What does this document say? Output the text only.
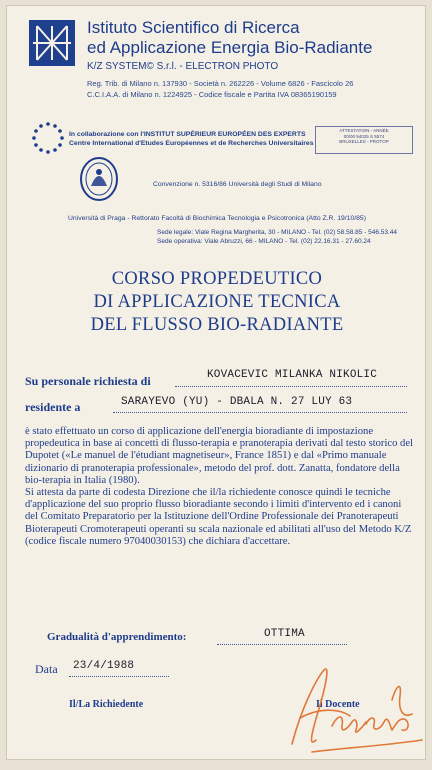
Istituto Scientifico di Ricerca
ed Applicazione Energia Bio-Radiante
K/Z SYSTEM© S.r.l. - ELECTRON PHOTO
Reg. Trib. di Milano n. 137930 - Società n. 262226 - Volume 6826 - Fascicolo 26
C.C.I.A.A. di Milano n. 1224925 - Codice fiscale e Partita IVA 08365190159
In collaborazione con l'INSTITUT SUPÉRIEUR EUROPÉEN DES EXPERTS
Centre International d'Etudes Européennes et de Recherches Universitaires
ATTESTATION - ANNÉE
00/00 94025 S 5574
BRUXELLES - PROTOP
Convenzione n. 5316/86 Università degli Studi di Milano
Università di Praga - Rettorato Facoltà di Biochimica Tecnologia e Psicotronica (Atto Z.R. 19/10/85)
Sede legale: Viale Regina Margherita, 30 - MILANO - Tel. (02) 58.58.85 - 546.53.44
Sede operativa: Viale Abruzzi, 66 - MILANO - Tel. (02) 22.16.31 - 27.60.24
CORSO PROPEDEUTICO
DI APPLICAZIONE TECNICA
DEL FLUSSO BIO-RADIANTE
Su personale richiesta di	KOVACEVIC MILANKA NIKOLIC
residente a	SARAYEVO (YU) - DBALA N. 27 LUY 63

è stato effettuato un corso di applicazione dell'energia bioradiante di impostazione propedeutica in base ai concetti di flusso-terapia e pranoterapia derivati dal testo storico del Dupotet («Le manuel de l'étudiant magnetiseur», France 1851) e dal «Primo manuale dizionario di pranoterapia professionale», metodo del prof. dott. Zanatta, fondatore della bio-terapia in Italia (1980).

Si attesta da parte di codesta Direzione che il/la richiedente conosce quindi le tecniche d'applicazione del suo proprio flusso bioradiante secondo i limiti d'intervento ed i canoni del Comitato Preparatorio per la Istituzione dell'Ordine Professionale dei Pranoterapeuti Bioterapeuti Cromoterapeuti operanti su scala nazionale ed abilitati all'uso del Metodo K/Z (codice fiscale numero 97040030153) che dichiara d'accettare.

Gradualità d'apprendimento:	OTTIMA
Data 23/4/1988
Il/La Richiedente	Il Docente
